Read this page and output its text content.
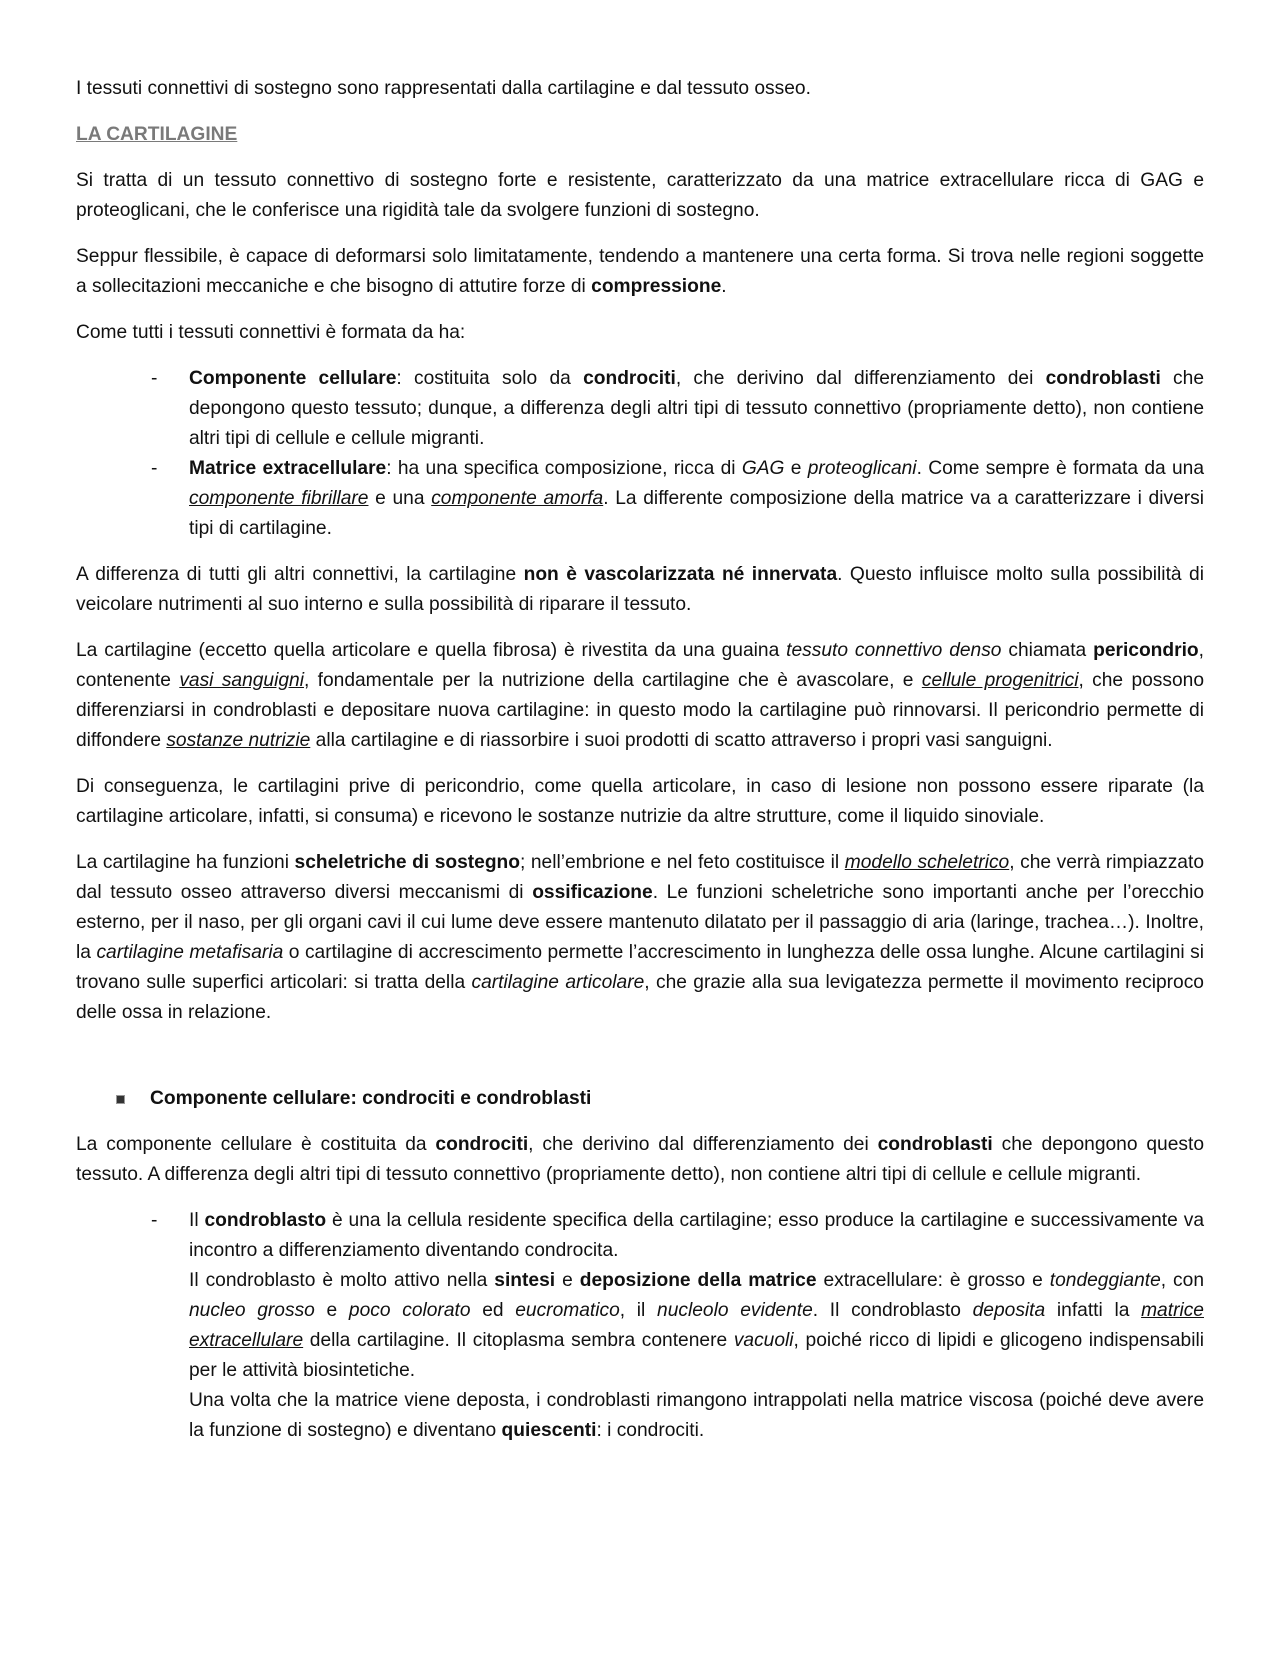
I tessuti connettivi di sostegno sono rappresentati dalla cartilagine e dal tessuto osseo.

LA CARTILAGINE

Si tratta di un tessuto connettivo di sostegno forte e resistente, caratterizzato da una matrice extracellulare ricca di GAG e proteoglicani, che le conferisce una rigidità tale da svolgere funzioni di sostegno.

Seppur flessibile, è capace di deformarsi solo limitatamente, tendendo a mantenere una certa forma. Si trova nelle regioni soggette a sollecitazioni meccaniche e che bisogno di attutire forze di compressione.

Come tutti i tessuti connettivi è formata da ha:

- Componente cellulare: costituita solo da condrociti, che derivino dal differenziamento dei condroblasti che depongono questo tessuto; dunque, a differenza degli altri tipi di tessuto connettivo (propriamente detto), non contiene altri tipi di cellule e cellule migranti.
- Matrice extracellulare: ha una specifica composizione, ricca di GAG e proteoglicani. Come sempre è formata da una componente fibrillare e una componente amorfa. La differente composizione della matrice va a caratterizzare i diversi tipi di cartilagine.

A differenza di tutti gli altri connettivi, la cartilagine non è vascolarizzata né innervata. Questo influisce molto sulla possibilità di veicolare nutrimenti al suo interno e sulla possibilità di riparare il tessuto.

La cartilagine (eccetto quella articolare e quella fibrosa) è rivestita da una guaina tessuto connettivo denso chiamata pericondrio, contenente vasi sanguigni, fondamentale per la nutrizione della cartilagine che è avascolare, e cellule progenitrici, che possono differenziarsi in condroblasti e depositare nuova cartilagine: in questo modo la cartilagine può rinnovarsi. Il pericondrio permette di diffondere sostanze nutrizie alla cartilagine e di riassorbire i suoi prodotti di scatto attraverso i propri vasi sanguigni.

Di conseguenza, le cartilagini prive di pericondrio, come quella articolare, in caso di lesione non possono essere riparate (la cartilagine articolare, infatti, si consuma) e ricevono le sostanze nutrizie da altre strutture, come il liquido sinoviale.

La cartilagine ha funzioni scheletriche di sostegno; nell’embrione e nel feto costituisce il modello scheletrico, che verrà rimpiazzato dal tessuto osseo attraverso diversi meccanismi di ossificazione. Le funzioni scheletriche sono importanti anche per l’orecchio esterno, per il naso, per gli organi cavi il cui lume deve essere mantenuto dilatato per il passaggio di aria (laringe, trachea…). Inoltre, la cartilagine metafisaria o cartilagine di accrescimento permette l’accrescimento in lunghezza delle ossa lunghe. Alcune cartilagini si trovano sulle superfici articolari: si tratta della cartilagine articolare, che grazie alla sua levigatezza permette il movimento reciproco delle ossa in relazione.

Componente cellulare: condrociti e condroblasti

La componente cellulare è costituita da condrociti, che derivino dal differenziamento dei condroblasti che depongono questo tessuto. A differenza degli altri tipi di tessuto connettivo (propriamente detto), non contiene altri tipi di cellule e cellule migranti.

- Il condroblasto è una la cellula residente specifica della cartilagine; esso produce la cartilagine e successivamente va incontro a differenziamento diventando condrocita.
Il condroblasto è molto attivo nella sintesi e deposizione della matrice extracellulare: è grosso e tondeggiante, con nucleo grosso e poco colorato ed eucromatico, il nucleolo evidente. Il condroblasto deposita infatti la matrice extracellulare della cartilagine. Il citoplasma sembra contenere vacuoli, poiché ricco di lipidi e glicogeno indispensabili per le attività biosintetiche.
Una volta che la matrice viene deposta, i condroblasti rimangono intrappolati nella matrice viscosa (poiché deve avere la funzione di sostegno) e diventano quiescenti: i condrociti.
